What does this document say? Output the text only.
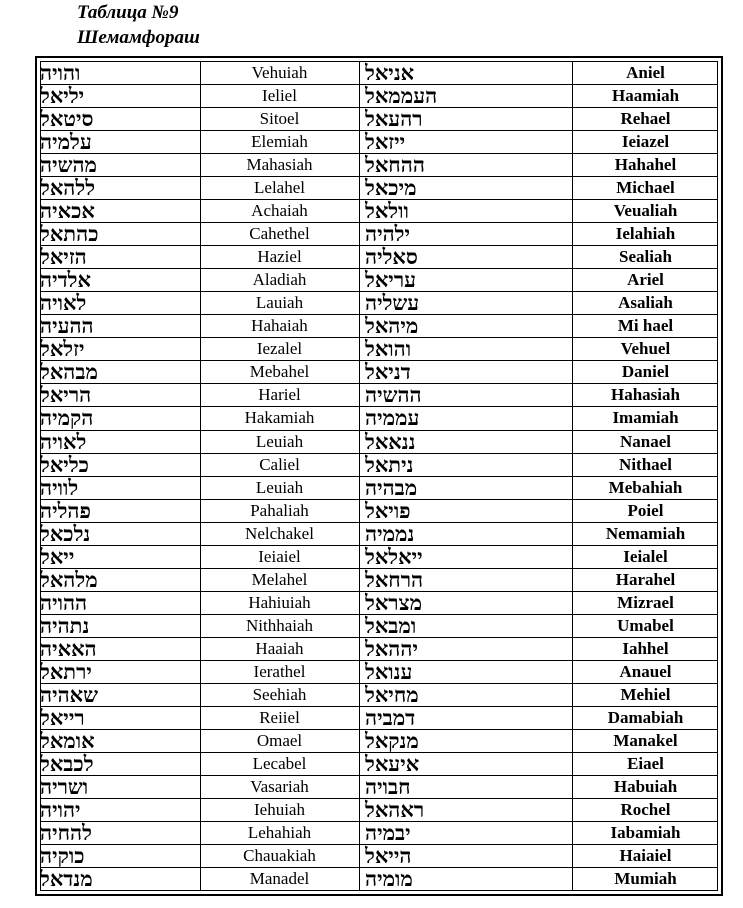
Таблица №9
Шемамфораш
והויה	Vehuiah	אניאל	Aniel
יליאל	Ieliel	העממאל	Haamiah
סיטאל	Sitoel	רהעאל	Rehael
עלמיה	Elemiah	ייזאל	Ieiazel
מהשיה	Mahasiah	ההחאל	Hahahel
ללהאל	Lelahel	מיכאל	Michael
אכאיה	Achaiah	וולאל	Veualiah
כהתאל	Cahethel	ילהיה	Ielahiah
הזיאל	Haziel	סאליה	Sealiah
אלדיה	Aladiah	עריאל	Ariel
לאויה	Lauiah	עשליה	Asaliah
ההעיה	Hahaiah	מיהאל	Mi hael
יזלאל	Iezalel	והואל	Vehuel
מבהאל	Mebahel	דניאל	Daniel
הריאל	Hariel	ההשיה	Hahasiah
הקמיה	Hakamiah	עממיה	Imamiah
לאויה	Leuiah	ננאאל	Nanael
כליאל	Caliel	ניתאל	Nithael
לוויה	Leuiah	מבהיה	Mebahiah
פהליה	Pahaliah	פויאל	Poiel
נלכאל	Nelchakel	נממיה	Nemamiah
ייאל	Ieiaiel	ייאלאל	Ieialel
מלהאל	Melahel	הרחאל	Harahel
ההויה	Hahiuiah	מצראל	Mizrael
נתהיה	Nithhaiah	ומבאל	Umabel
האאיה	Haaiah	יההאל	Iahhel
ירתאל	Ierathel	ענואל	Anauel
שאהיה	Seehiah	מחיאל	Mehiel
רייאל	Reiiel	דמביה	Damabiah
אומאל	Omael	מנקאל	Manakel
לכבאל	Lecabel	איעאל	Eiael
ושריה	Vasariah	חבויה	Habuiah
יהויה	Iehuiah	ראהאל	Rochel
להחיה	Lehahiah	יבמיה	Iabamiah
כוקיה	Chauakiah	הייאל	Haiaiel
מנדאל	Manadel	מומיה	Mumiah
